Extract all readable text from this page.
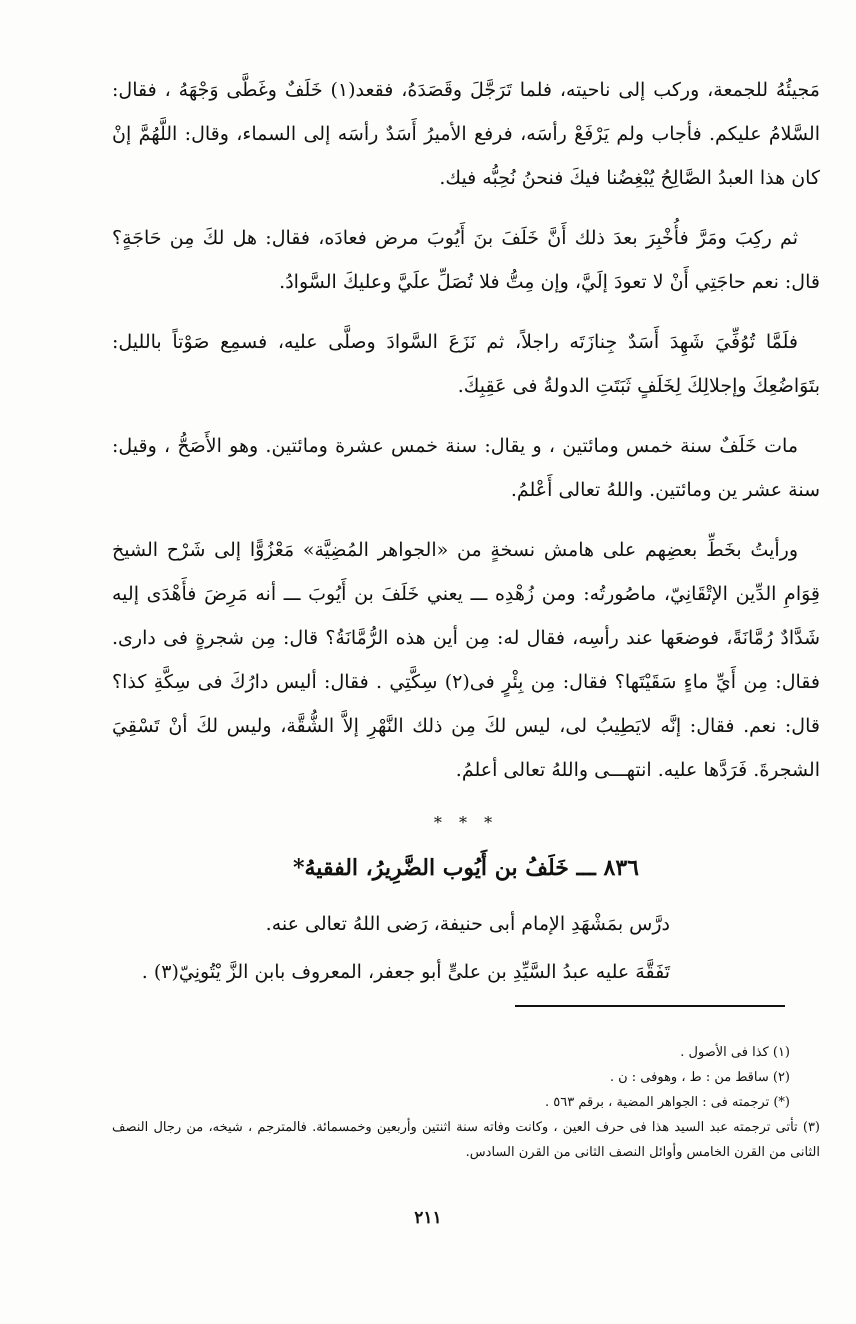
مَجيئُهُ للجمعة، وركب إلى ناحيته، فلما تَرَجَّلَ وقَصَدَهُ، فقعد(١) خَلَفٌ وغَطَّى وَجْهَهُ ، فقال: السَّلامُ عليكم. فأجاب ولم يَرْفَعْ رأسَه، فرفع الأميرُ أَسَدٌ رأسَه إلى السماء، وقال: اللَّهُمَّ إنْ كان هذا العبدُ الصَّالِحُ يُبْغِضُنا فيكَ فنحنُ نُحِبُّه فيك.

ثم ركِبَ ومَرَّ فأُخْبِرَ بعدَ ذلك أَنَّ خَلَفَ بنَ أَيُوبَ مرض فعادَه، فقال: هل لكَ مِن حَاجَةٍ؟ قال: نعم حاجَتِي أَنْ لا تعودَ إلَيَّ، وإن مِتُّ فلا تُصَلِّ علَيَّ وعليكَ السَّوادُ.

فلَمَّا تُوُفِّيَ شَهِدَ أَسَدٌ جِنازَتَه راجلاً، ثم نَزَعَ السَّوادَ وصلَّى عليه، فسمِع صَوْتاً بالليل: بتَوَاضُعِكَ وإجلالِكَ لِخَلَفٍ ثَبَتَتِ الدولةُ فى عَقِبِكَ.

مات خَلَفٌ سنة خمس ومائتين ، و يقال: سنة خمس عشرة ومائتين. وهو الأَصَحُّ ، وقيل: سنة عشر ين ومائتين. واللهُ تعالى أَعْلمُ.

ورأيتُ بخَطِّ بعضِهم على هامش نسخةٍ من «الجواهر المُضِيَّة» مَعْزُوًّا إلى شَرْح الشيخ قِوَامِ الدِّين الإتْقَانِيّ، ماصُورتُه: ومن زُهْدِه ـــ يعني خَلَفَ بن أَيُوبَ ـــ أنه مَرِضَ فأَهْدَى إليه شَدَّادٌ رُمَّانَةً، فوضعَها عند رأسِه، فقال له: مِن أين هذه الرُّمَّانَةُ؟ قال: مِن شجرةٍ فى دارى. فقال: مِن أَيِّ ماءٍ سَقَيْتَها؟ فقال: مِن بِئْرٍ فى(٢) سِكَّتِي . فقال: أليس دارُكَ فى سِكَّةِ كذا؟ قال: نعم. فقال: إنَّه لايَطِيبُ لى، ليس لكَ مِن ذلك النَّهْرِ إلاَّ الشُّقَّة، وليس لكَ أنْ تَسْقِيَ الشجرةَ. فَرَدَّها عليه. انتهـــى واللهُ تعالى أعلمُ.

* * *
٨٣٦ ـــ خَلَفُ بن أَيُوب الضَّرِيرُ، الفقيهُ*

درَّس بمَشْهَدِ الإمام أبى حنيفة، رَضى اللهُ تعالى عنه.

تَفَقَّهَ عليه عبدُ السَّيِّدِ بن علىٍّ أبو جعفر، المعروف بابن الزَّ يْتُونِيّ(٣) .

(١) كذا فى الأصول .

(٢) ساقط من : ط ، وهوفى : ن .

(*) ترجمته فى : الجواهر المضية ، برقم ٥٦٣ .

(٣) تأتى ترجمته عبد السيد هذا فى حرف العين ، وكانت وفاته سنة اثنتين وأربعين وخمسمائة. فالمترجم ، شيخه، من رجال النصف الثانى من القرن الخامس وأوائل النصف الثانى من القرن السادس.

٢١١
